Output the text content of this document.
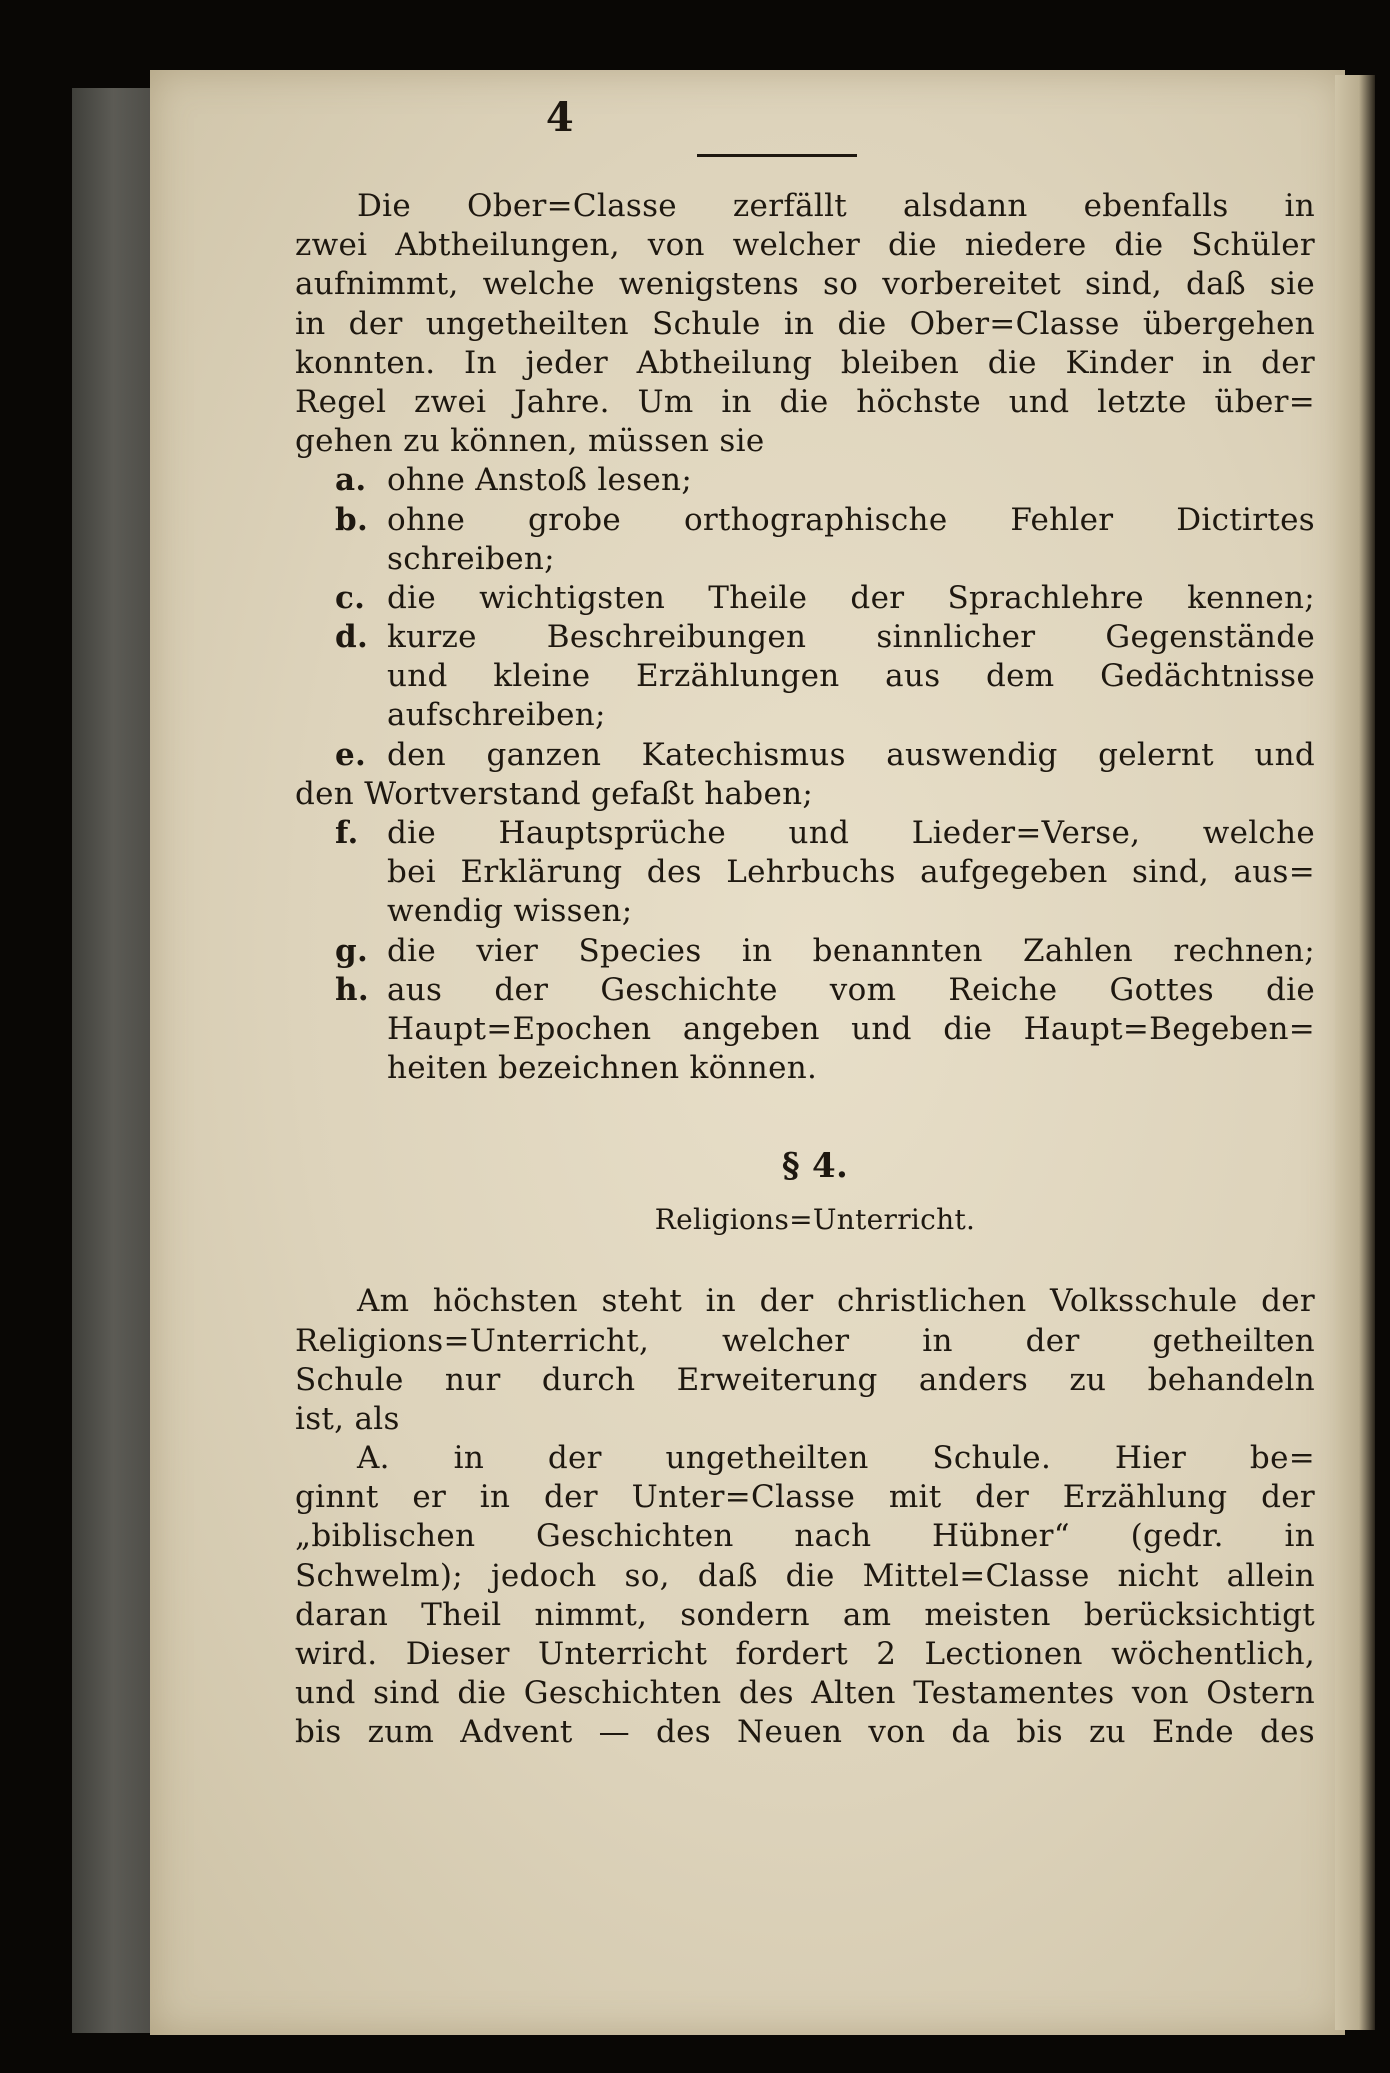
4
Die Ober=Classe zerfällt alsdann ebenfalls in
zwei Abtheilungen, von welcher die niedere die Schüler
aufnimmt, welche wenigstens so vorbereitet sind, daß sie
in der ungetheilten Schule in die Ober=Classe übergehen
konnten. In jeder Abtheilung bleiben die Kinder in der
Regel zwei Jahre. Um in die höchste und letzte über=
gehen zu können, müssen sie
a. ohne Anstoß lesen;
b. ohne grobe orthographische Fehler Dictirtes
schreiben;
c. die wichtigsten Theile der Sprachlehre kennen;
d. kurze Beschreibungen sinnlicher Gegenstände
und kleine Erzählungen aus dem Gedächtnisse
aufschreiben;
e. den ganzen Katechismus auswendig gelernt und
den Wortverstand gefaßt haben;
f. die Hauptsprüche und Lieder=Verse, welche
bei Erklärung des Lehrbuchs aufgegeben sind, aus=
wendig wissen;
g. die vier Species in benannten Zahlen rechnen;
h. aus der Geschichte vom Reiche Gottes die
Haupt=Epochen angeben und die Haupt=Begeben=
heiten bezeichnen können.
§ 4.
Religions=Unterricht.
Am höchsten steht in der christlichen Volksschule der
Religions=Unterricht, welcher in der getheilten
Schule nur durch Erweiterung anders zu behandeln
ist, als
A. in der ungetheilten Schule. Hier be=
ginnt er in der Unter=Classe mit der Erzählung der
„biblischen Geschichten nach Hübner“ (gedr. in
Schwelm); jedoch so, daß die Mittel=Classe nicht allein
daran Theil nimmt, sondern am meisten berücksichtigt
wird. Dieser Unterricht fordert 2 Lectionen wöchentlich,
und sind die Geschichten des Alten Testamentes von Ostern
bis zum Advent — des Neuen von da bis zu Ende des
